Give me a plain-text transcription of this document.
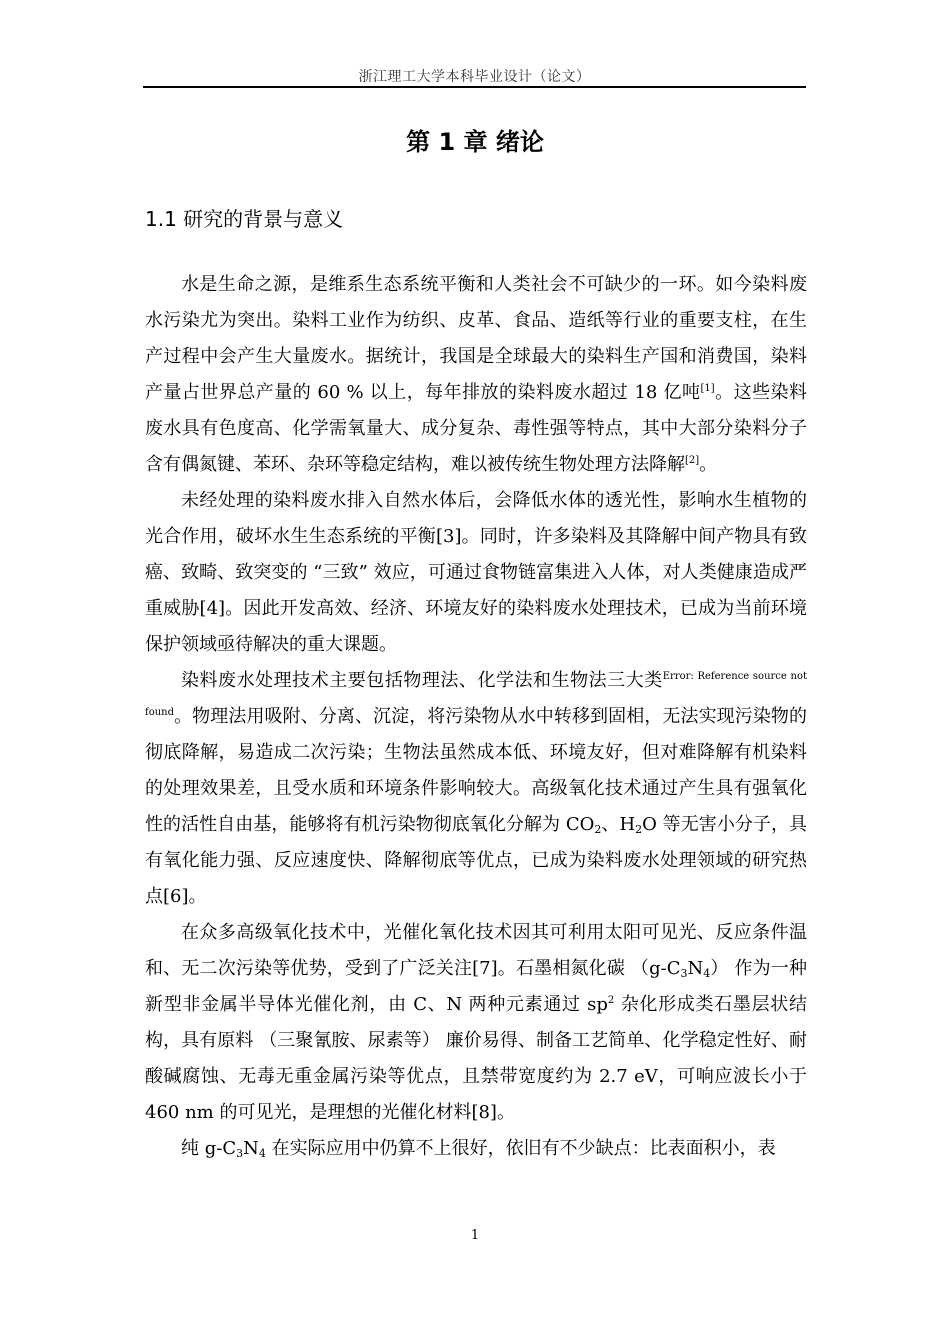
浙江理工大学本科毕业设计（论文）
第 1 章 绪论
1.1 研究的背景与意义

水是生命之源，是维系生态系统平衡和人类社会不可缺少的一环。如今染料废水污染尤为突出。染料工业作为纺织、皮革、食品、造纸等行业的重要支柱，在生产过程中会产生大量废水。据统计，我国是全球最大的染料生产国和消费国，染料产量占世界总产量的 60 % 以上，每年排放的染料废水超过 18 亿吨[1]。这些染料废水具有色度高、化学需氧量大、成分复杂、毒性强等特点，其中大部分染料分子含有偶氮键、苯环、杂环等稳定结构，难以被传统生物处理方法降解[2]。

未经处理的染料废水排入自然水体后，会降低水体的透光性，影响水生植物的光合作用，破坏水生生态系统的平衡[3]。同时，许多染料及其降解中间产物具有致癌、致畸、致突变的 “三致” 效应，可通过食物链富集进入人体，对人类健康造成严重威胁[4]。因此开发高效、经济、环境友好的染料废水处理技术，已成为当前环境保护领域亟待解决的重大课题。

染料废水处理技术主要包括物理法、化学法和生物法三大类$^{Error: Reference source not found}$。物理法用吸附、分离、沉淀，将污染物从水中转移到固相，无法实现污染物的彻底降解，易造成二次污染；生物法虽然成本低、环境友好，但对难降解有机染料的处理效果差，且受水质和环境条件影响较大。高级氧化技术通过产生具有强氧化性的活性自由基，能够将有机污染物彻底氧化分解为 $CO_2$、$H_2O$ 等无害小分子，具有氧化能力强、反应速度快、降解彻底等优点，已成为染料废水处理领域的研究热点[6]。

在众多高级氧化技术中，光催化氧化技术因其可利用太阳可见光、反应条件温和、无二次污染等优势，受到了广泛关注[7]。石墨相氮化碳 $(g-C_3N_4)$ 作为一种新型非金属半导体光催化剂，由 C、N 两种元素通过 $sp^2$ 杂化形成类石墨层状结构，具有原料 （三聚氰胺、尿素等） 廉价易得、制备工艺简单、化学稳定性好、耐酸碱腐蚀、无毒无重金属污染等优点，且禁带宽度约为 2.7 eV，可响应波长小于 460 nm 的可见光，是理想的光催化材料[8]。

纯 $g-C_3N_4$ 在实际应用中仍算不上很好，依旧有不少缺点：比表面积小，表

1
